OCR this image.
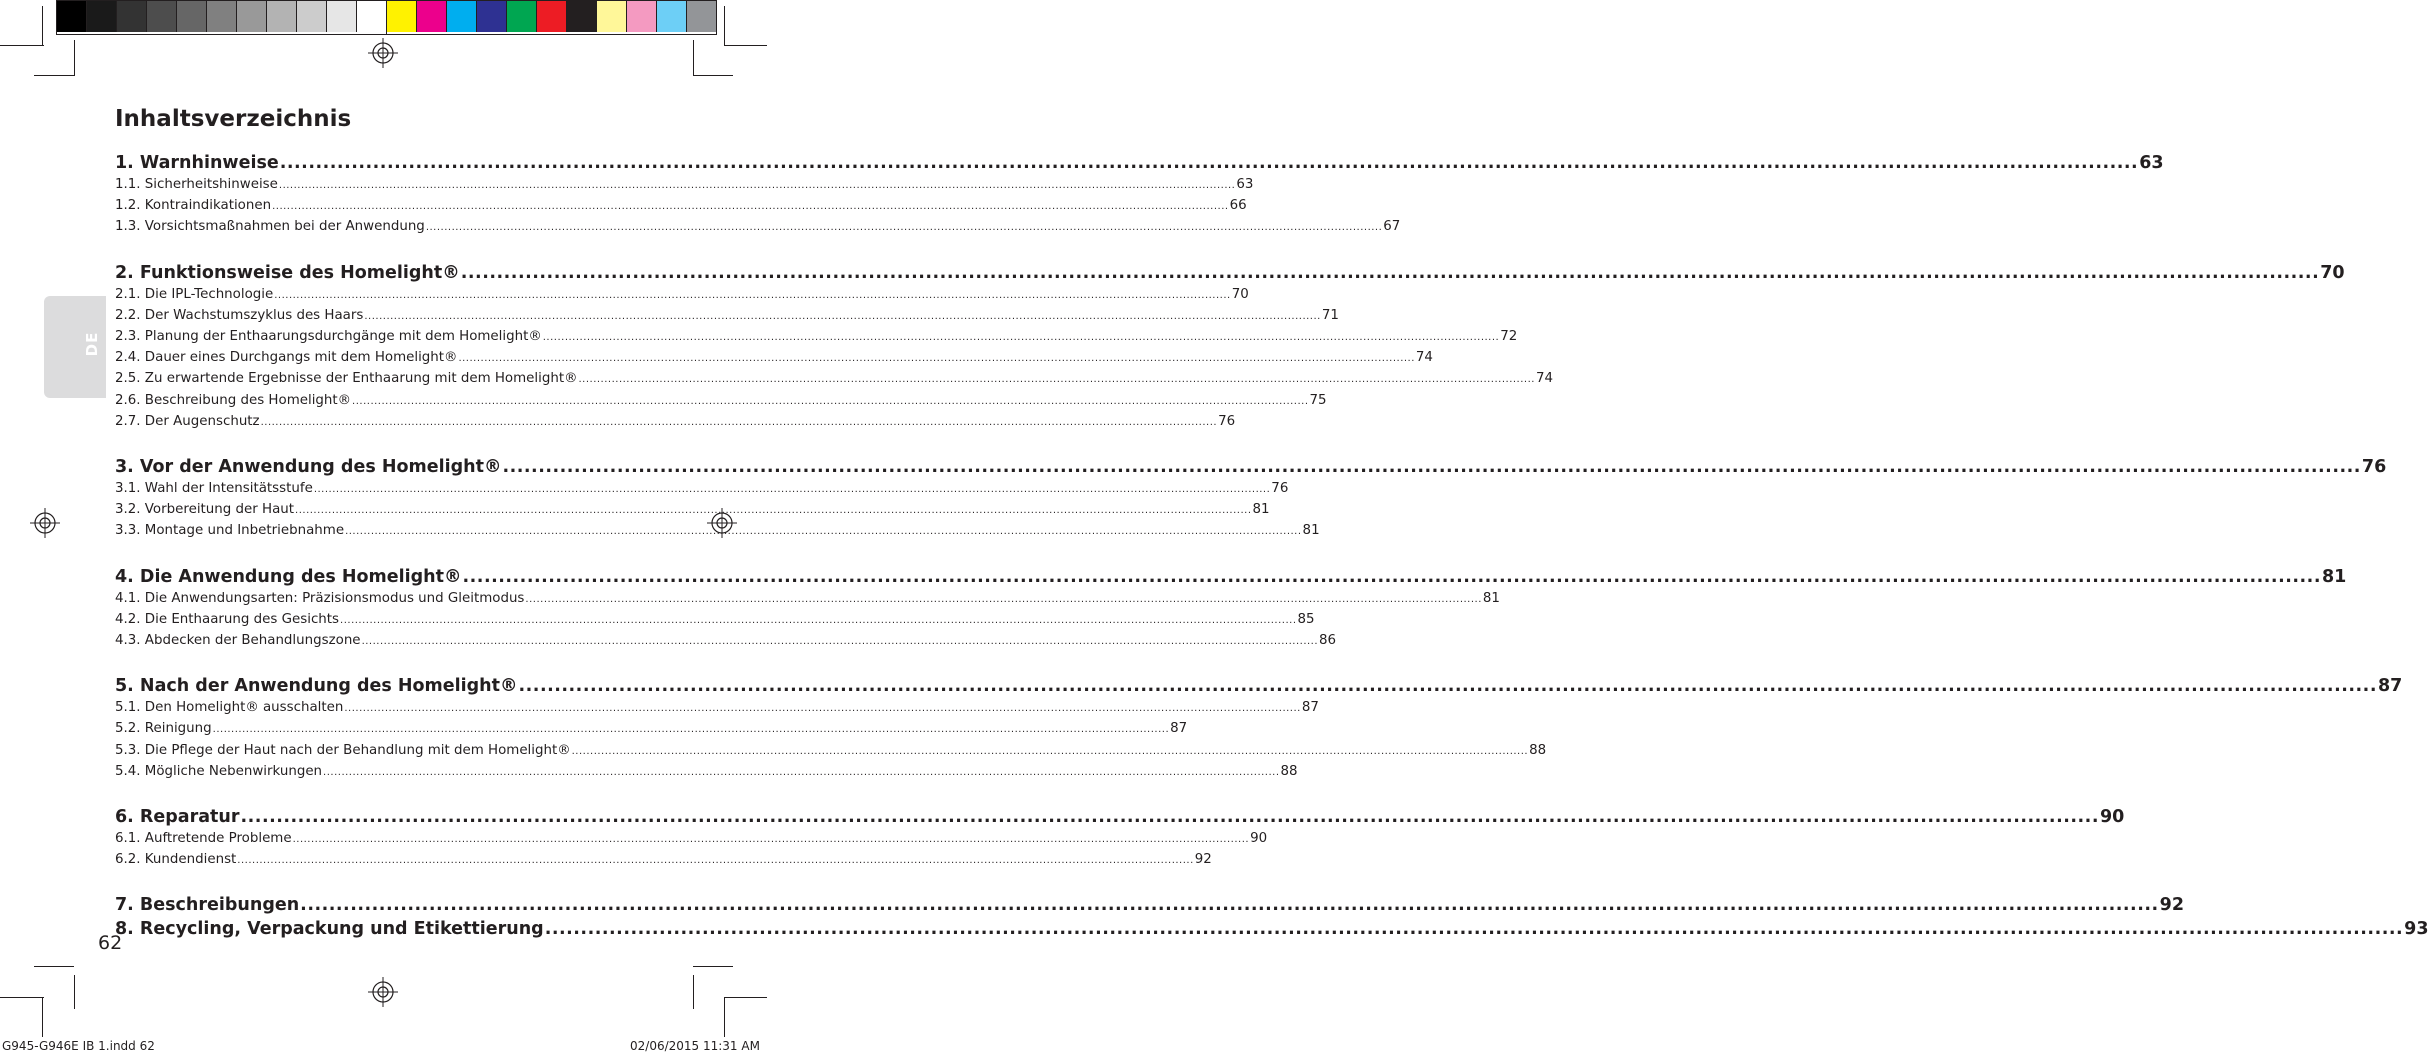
DE
Inhaltsverzeichnis
1. Warnhinweise .................................................................................................................................................................................................................................................................... 63
1.1. Sicherheitshinweise .................................................................................................................................................................................................................................................................... 63
1.2. Kontraindikationen .................................................................................................................................................................................................................................................................... 66
1.3. Vorsichtsmaßnahmen bei der Anwendung .................................................................................................................................................................................................................................................................... 67
2. Funktionsweise des Homelight® .................................................................................................................................................................................................................................................................... 70
2.1. Die IPL-Technologie .................................................................................................................................................................................................................................................................... 70
2.2. Der Wachstumszyklus des Haars .................................................................................................................................................................................................................................................................... 71
2.3. Planung der Enthaarungsdurchgänge mit dem Homelight® .................................................................................................................................................................................................................................................................... 72
2.4. Dauer eines Durchgangs mit dem Homelight® .................................................................................................................................................................................................................................................................... 74
2.5. Zu erwartende Ergebnisse der Enthaarung mit dem Homelight® .................................................................................................................................................................................................................................................................... 74
2.6. Beschreibung des Homelight® .................................................................................................................................................................................................................................................................... 75
2.7. Der Augenschutz .................................................................................................................................................................................................................................................................... 76
3. Vor der Anwendung des Homelight® .................................................................................................................................................................................................................................................................... 76
3.1. Wahl der Intensitätsstufe .................................................................................................................................................................................................................................................................... 76
3.2. Vorbereitung der Haut .................................................................................................................................................................................................................................................................... 81
3.3. Montage und Inbetriebnahme .................................................................................................................................................................................................................................................................... 81
4. Die Anwendung des Homelight® .................................................................................................................................................................................................................................................................... 81
4.1. Die Anwendungsarten: Präzisionsmodus und Gleitmodus .................................................................................................................................................................................................................................................................... 81
4.2. Die Enthaarung des Gesichts .................................................................................................................................................................................................................................................................... 85
4.3. Abdecken der Behandlungszone .................................................................................................................................................................................................................................................................... 86
5. Nach der Anwendung des Homelight® .................................................................................................................................................................................................................................................................... 87
5.1. Den Homelight® ausschalten .................................................................................................................................................................................................................................................................... 87
5.2. Reinigung .................................................................................................................................................................................................................................................................... 87
5.3. Die Pflege der Haut nach der Behandlung mit dem Homelight® .................................................................................................................................................................................................................................................................... 88
5.4. Mögliche Nebenwirkungen .................................................................................................................................................................................................................................................................... 88
6. Reparatur .................................................................................................................................................................................................................................................................... 90
6.1. Auftretende Probleme .................................................................................................................................................................................................................................................................... 90
6.2. Kundendienst .................................................................................................................................................................................................................................................................... 92
7. Beschreibungen .................................................................................................................................................................................................................................................................... 92
8. Recycling, Verpackung und Etikettierung .................................................................................................................................................................................................................................................................... 93
62
G945-G946E IB 1.indd 62	02/06/2015 11:31 AM
